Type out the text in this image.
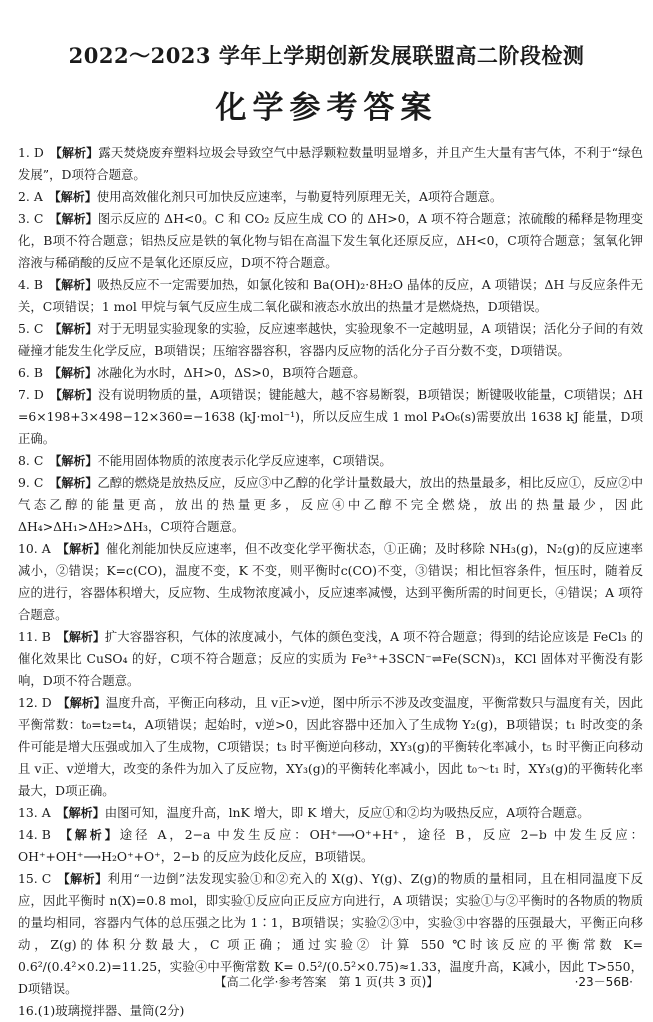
2022～2023 学年上学期创新发展联盟高二阶段检测
化学参考答案
1. D 【解析】露天焚烧废弃塑料垃圾会导致空气中悬浮颗粒数量明显增多，并且产生大量有害气体，不利于“绿色发展”，D项符合题意。
2. A 【解析】使用高效催化剂只可加快反应速率，与勒夏特列原理无关，A项符合题意。
3. C 【解析】图示反应的 ΔH<0。C 和 CO₂ 反应生成 CO 的 ΔH>0，A 项不符合题意；浓硫酸的稀释是物理变化，B项不符合题意；铝热反应是铁的氧化物与铝在高温下发生氧化还原反应，ΔH<0，C项符合题意；氢氧化钾溶液与稀硝酸的反应不是氧化还原反应，D项不符合题意。
4. B 【解析】吸热反应不一定需要加热，如氯化铵和 Ba(OH)₂·8H₂O 晶体的反应，A 项错误；ΔH 与反应条件无关，C项错误；1 mol 甲烷与氧气反应生成二氧化碳和液态水放出的热量才是燃烧热，D项错误。
5. C 【解析】对于无明显实验现象的实验，反应速率越快，实验现象不一定越明显，A 项错误；活化分子间的有效碰撞才能发生化学反应，B项错误；压缩容器容积，容器内反应物的活化分子百分数不变，D项错误。
6. B 【解析】冰融化为水时，ΔH>0，ΔS>0，B项符合题意。
7. D 【解析】没有说明物质的量，A项错误；键能越大，越不容易断裂，B项错误；断键吸收能量，C项错误；ΔH =6×198+3×498−12×360=−1638 (kJ·mol⁻¹)，所以反应生成 1 mol P₄O₆(s)需要放出 1638 kJ 能量，D项正确。
8. C 【解析】不能用固体物质的浓度表示化学反应速率，C项错误。
9. C 【解析】乙醇的燃烧是放热反应，反应③中乙醇的化学计量数最大，放出的热量最多，相比反应①，反应②中气态乙醇的能量更高，放出的热量更多，反应④中乙醇不完全燃烧，放出的热量最少，因此 ΔH₄>ΔH₁>ΔH₂>ΔH₃，C项符合题意。
10. A 【解析】催化剂能加快反应速率，但不改变化学平衡状态，①正确；及时移除 NH₃(g)，N₂(g)的反应速率减小，②错误；K=c(CO)，温度不变，K 不变，则平衡时c(CO)不变，③错误；相比恒容条件，恒压时，随着反应的进行，容器体积增大，反应物、生成物浓度减小，反应速率减慢，达到平衡所需的时间更长，④错误；A 项符合题意。
11. B 【解析】扩大容器容积，气体的浓度减小，气体的颜色变浅，A 项不符合题意；得到的结论应该是 FeCl₃ 的催化效果比 CuSO₄ 的好，C项不符合题意；反应的实质为 Fe³⁺+3SCN⁻⇌Fe(SCN)₃，KCl 固体对平衡没有影响，D项不符合题意。
12. D 【解析】温度升高，平衡正向移动，且 v正>v逆，图中所示不涉及改变温度，平衡常数只与温度有关，因此平衡常数：t₀=t₂=t₄，A项错误；起始时，v逆>0，因此容器中还加入了生成物 Y₂(g)，B项错误；t₁ 时改变的条件可能是增大压强或加入了生成物，C项错误；t₃ 时平衡逆向移动，XY₃(g)的平衡转化率减小，t₅ 时平衡正向移动且 v正、v逆增大，改变的条件为加入了反应物，XY₃(g)的平衡转化率减小，因此 t₀～t₁ 时，XY₃(g)的平衡转化率最大，D项正确。
13. A 【解析】由图可知，温度升高，lnK 增大，即 K 增大，反应①和②均为吸热反应，A项符合题意。
14. B 【解析】途径 A，2−a 中发生反应：OH⁺⟶O⁺+H⁺，途径 B，反应 2−b 中发生反应：OH⁺+OH⁺⟶H₂O⁺+O⁺，2−b 的反应为歧化反应，B项错误。
15. C 【解析】利用“一边倒”法发现实验①和②充入的 X(g)、Y(g)、Z(g)的物质的量相同，且在相同温度下反应，因此平衡时 n(X)=0.8 mol，即实验①反应向正反应方向进行，A 项错误；实验①与②平衡时的各物质的物质的量均相同，容器内气体的总压强之比为 1∶1，B项错误；实验②③中，实验③中容器的压强最大，平衡正向移动，Z(g)的体积分数最大，C 项正确；通过实验② 计算 550 ℃时该反应的平衡常数 K= 0.6²/(0.4²×0.2)=11.25，实验④中平衡常数 K= 0.5²/(0.5²×0.75)≈1.33，温度升高，K减小，因此 T>550，D项错误。
16.(1)玻璃搅拌器、量筒(2分)
【高二化学·参考答案　第 1 页(共 3 页)】	·23－56B·
